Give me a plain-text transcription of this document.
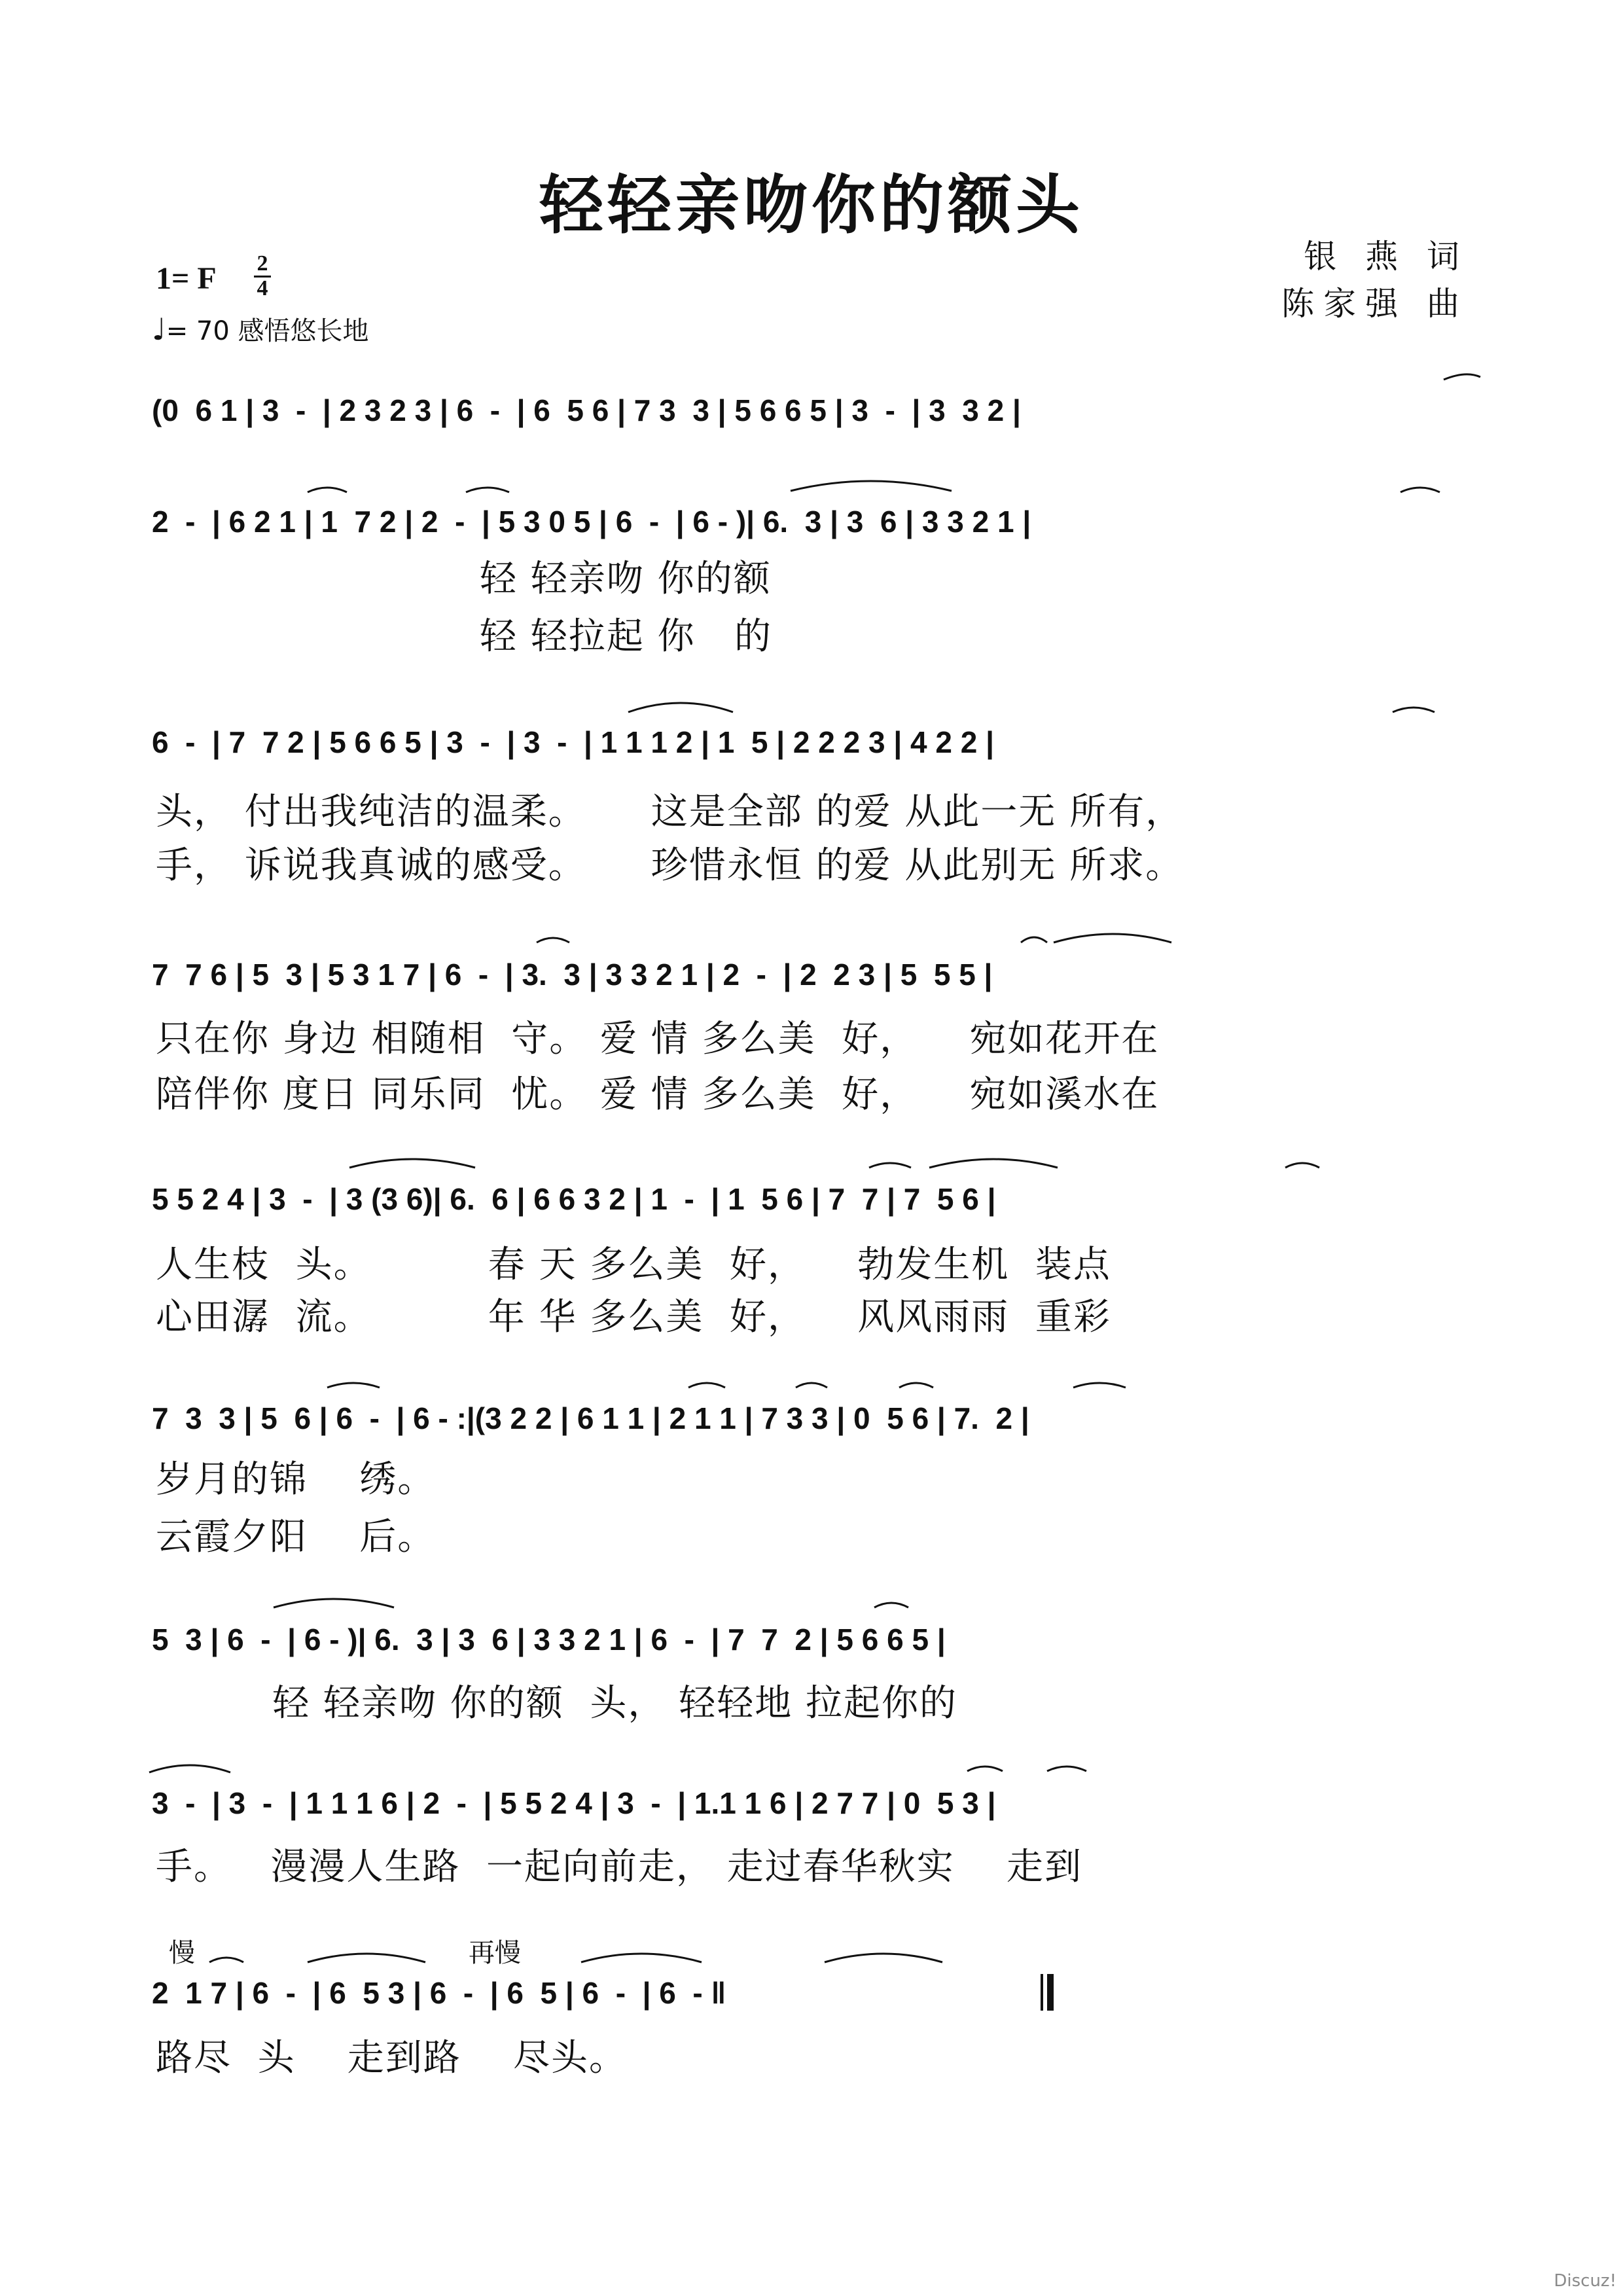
轻轻亲吻你的额头
银 燕 词
陈家强 曲
1= F 2
4
♩= 70 感悟悠长地
(0  6 1 | 3  -  | 2 3 2 3 | 6  -  | 6  5 6 | 7 3  3 | 5 6 6 5 | 3  -  | 3  3 2 |
2  -  | 6 2 1 | 1  7 2 | 2  -  | 5 3 0 5 | 6  -  | 6 - )| 6.  3 | 3  6 | 3 3 2 1 |
轻 轻亲吻 你的额
轻 轻拉起 你   的
6  -  | 7  7 2 | 5 6 6 5 | 3  -  | 3  -  | 1 1 1 2 | 1  5 | 2 2 2 3 | 4 2 2 |
头， 付出我纯洁的温柔。     这是全部 的爱 从此一无 所有，
手， 诉说我真诚的感受。     珍惜永恒 的爱 从此别无 所求。
7  7 6 | 5  3 | 5 3 1 7 | 6  -  | 3.  3 | 3 3 2 1 | 2  -  | 2  2 3 | 5  5 5 |
只在你 身边 相随相  守。 爱 情 多么美  好，    宛如花开在
陪伴你 度日 同乐同  忧。 爱 情 多么美  好，    宛如溪水在
5 5 2 4 | 3  -  | 3 (3 6)| 6.  6 | 6 6 3 2 | 1  -  | 1  5 6 | 7  7 | 7  5 6 |
人生枝  头。         春 天 多么美  好，    勃发生机  装点
心田潺  流。         年 华 多么美  好，    风风雨雨  重彩
7  3  3 | 5  6 | 6  -  | 6 - :|(3 2 2 | 6 1 1 | 2 1 1 | 7 3 3 | 0  5 6 | 7.  2 |
岁月的锦    绣。
云霞夕阳    后。
5  3 | 6  -  | 6 - )| 6.  3 | 3  6 | 3 3 2 1 | 6  -  | 7  7  2 | 5 6 6 5 |
轻 轻亲吻 你的额  头， 轻轻地 拉起你的
3  -  | 3  -  | 1 1 1 6 | 2  -  | 5 5 2 4 | 3  -  | 1.1 1 6 | 2 7 7 | 0  5 3 |
手。   漫漫人生路  一起向前走， 走过春华秋实    走到
慢	再慢
2  1 7 | 6  -  | 6  5 3 | 6  -  | 6  5 | 6  -  | 6  - ‖
路尽  头    走到路    尽头。
Discuz!
